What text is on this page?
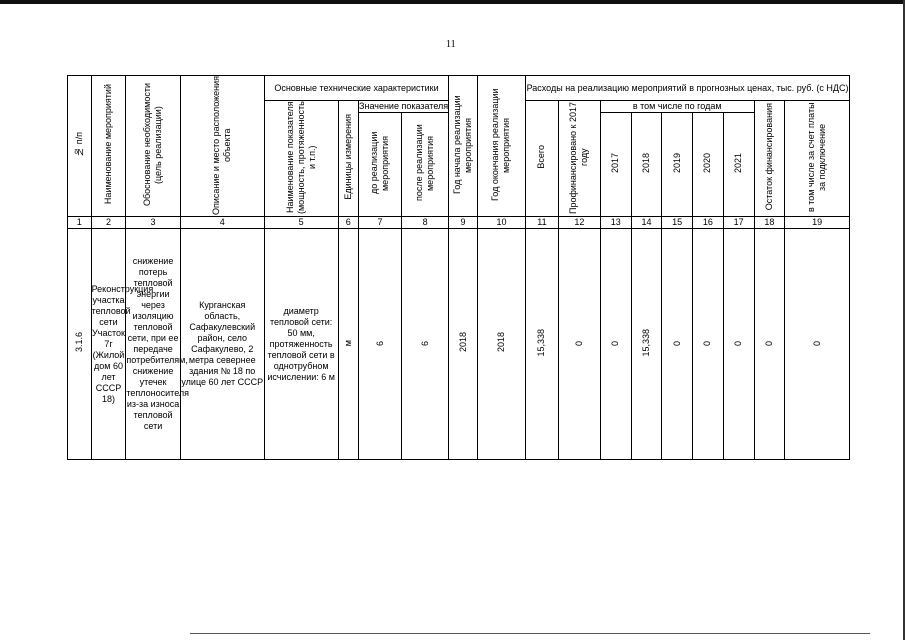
11
№ п/п	Наименование мероприятий	Обоснование необходимости (цель реализации)	Описание и место расположения объекта	Основные технические характеристики				Год начала реализации мероприятия	Год окончания реализации мероприятия	Расходы на реализацию мероприятий в прогнозных ценах, тыс. руб. (с НДС)								
				Наименование показателя (мощность, протяженность и т.п.)	Единицы измерения	Значение показателя				Всего	Профинансировано к 2017 году	в том числе по годам					Остаток финансирования	в том числе за счет платы за подключение
						до реализации мероприятия	после реализации мероприятия					2017	2018	2019	2020	2021		
1	2	3	4	5	6	7	8	9	10	11	12	13	14	15	16	17	18	19
3.1.6	Реконструкция участка тепловой сети Участок 7г (Жилой дом 60 лет СССР 18)	снижение потерь тепловой энергии через изоляцию тепловой сети, при ее передаче потребителям, снижение утечек теплоносителя из-за износа тепловой сети	Курганская область, Сафакулевский район, село Сафакулево, 2 метра севернее здания № 18 по улице 60 лет СССР	диаметр тепловой сети: 50 мм, протяженность тепловой сети в однотрубном исчислении: 6 м	м	6	6	2018	2018	15,338	0	0	15,338	0	0	0	0	0
